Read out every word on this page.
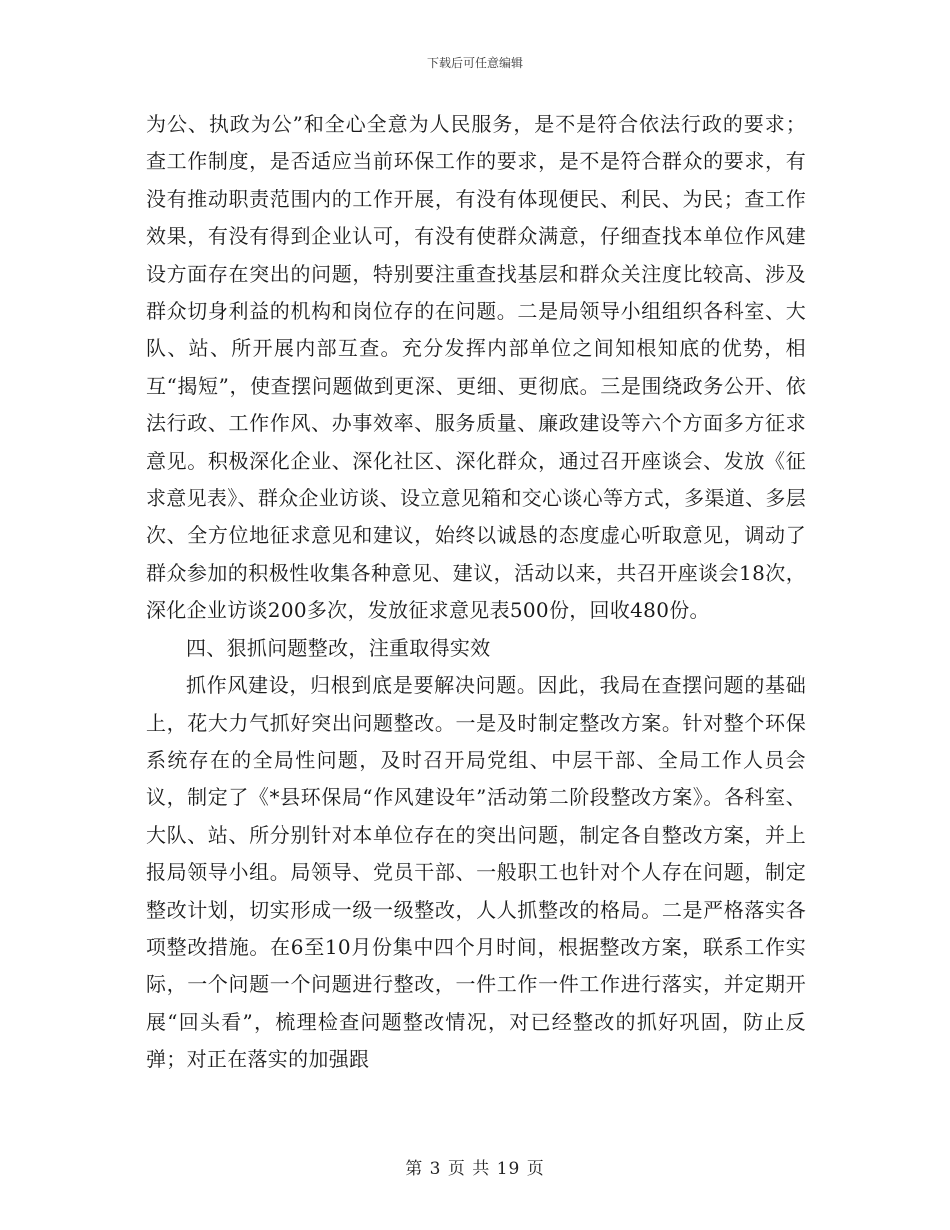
下载后可任意编辑

为公、执政为公”和全心全意为人民服务，是不是符合依法行政的要求；查工作制度，是否适应当前环保工作的要求，是不是符合群众的要求，有没有推动职责范围内的工作开展，有没有体现便民、利民、为民；查工作效果，有没有得到企业认可，有没有使群众满意，仔细查找本单位作风建设方面存在突出的问题，特别要注重查找基层和群众关注度比较高、涉及群众切身利益的机构和岗位存的在问题。二是局领导小组组织各科室、大队、站、所开展内部互查。充分发挥内部单位之间知根知底的优势，相互“揭短”，使查摆问题做到更深、更细、更彻底。三是围绕政务公开、依法行政、工作作风、办事效率、服务质量、廉政建设等六个方面多方征求意见。积极深化企业、深化社区、深化群众，通过召开座谈会、发放《征求意见表》、群众企业访谈、设立意见箱和交心谈心等方式，多渠道、多层次、全方位地征求意见和建议，始终以诚恳的态度虚心听取意见，调动了群众参加的积极性收集各种意见、建议，活动以来，共召开座谈会18次，深化企业访谈200多次，发放征求意见表500份，回收480份。

四、狠抓问题整改，注重取得实效

抓作风建设，归根到底是要解决问题。因此，我局在查摆问题的基础上，花大力气抓好突出问题整改。一是及时制定整改方案。针对整个环保系统存在的全局性问题，及时召开局党组、中层干部、全局工作人员会议，制定了《*县环保局“作风建设年”活动第二阶段整改方案》。各科室、大队、站、所分别针对本单位存在的突出问题，制定各自整改方案，并上报局领导小组。局领导、党员干部、一般职工也针对个人存在问题，制定整改计划，切实形成一级一级整改，人人抓整改的格局。二是严格落实各项整改措施。在6至10月份集中四个月时间，根据整改方案，联系工作实际，一个问题一个问题进行整改，一件工作一件工作进行落实，并定期开展“回头看”，梳理检查问题整改情况，对已经整改的抓好巩固，防止反弹；对正在落实的加强跟

第 3 页 共 19 页
